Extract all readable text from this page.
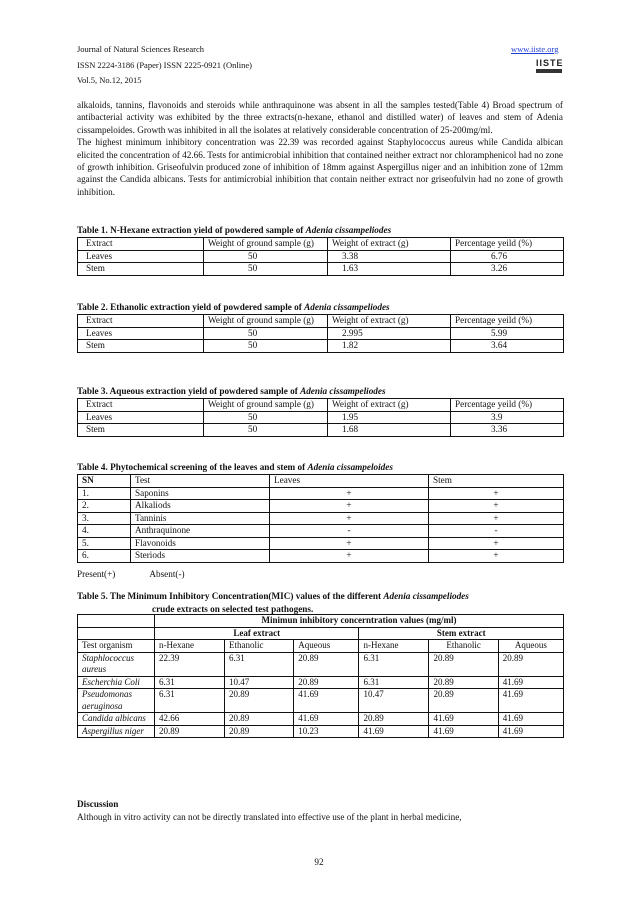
Journal of Natural Sciences Research
ISSN 2224-3186 (Paper) ISSN 2225-0921 (Online)
Vol.5, No.12, 2015
www.iiste.org
IISTE

alkaloids, tannins, flavonoids and steroids while anthraquinone was absent in all the samples tested(Table 4) Broad spectrum of antibacterial activity was exhibited by the three extracts(n-hexane, ethanol and distilled water) of leaves and stem of Adenia cissampeloides. Growth was inhibited in all the isolates at relatively considerable concentration of 25-200mg/ml.

The highest minimum inhibitory concentration was 22.39 was recorded against Staphylococcus aureus while Candida albican elicited the concentration of 42.66. Tests for antimicrobial inhibition that contained neither extract nor chloramphenicol had no zone of growth inhibition. Griseofulvin produced zone of inhibition of 18mm against Aspergillus niger and an inhibition zone of 12mm against the Candida albicans. Tests for antimicrobial inhibition that contain neither extract nor griseofulvin had no zone of growth inhibition.

Table 1. N-Hexane extraction yield of powdered sample of Adenia cissampeliodes
Extract	Weight of ground sample (g)	Weight of extract (g)	Percentage yeild (%)
Leaves	50	3.38	6.76
Stem	50	1.63	3.26
Table 2. Ethanolic extraction yield of powdered sample of Adenia cissampeliodes
Extract	Weight of ground sample (g)	Weight of extract (g)	Percentage yeild (%)
Leaves	50	2.995	5.99
Stem	50	1.82	3.64
Table 3. Aqueous extraction yield of powdered sample of Adenia cissampeliodes
Extract	Weight of ground sample (g)	Weight of extract (g)	Percentage yeild (%)
Leaves	50	1.95	3.9
Stem	50	1.68	3.36
Table 4. Phytochemical screening of the leaves and stem of Adenia cissampeloides
SN	Test	Leaves	Stem
1.	Saponins	+	+
2.	Alkaliods	+	+
3.	Tanninis	+	+
4.	Anthraquinone	-	-
5.	Flavonoids	+	+
6.	Steriods	+	+
Present(+)	Absent(-)
Table 5. The Minimum Inhibitory Concentration(MIC) values of the different Adenia cissampeliodes
crude extracts on selected test pathogens.
	Minimun inhibitory concerntration values (mg/ml)					
	Leaf extract			Stem extract		
Test organism	n-Hexane	Ethanolic	Aqueous	n-Hexane	Ethanolic	Aqueous
Staphlococcus aureus	22.39	6.31	20.89	6.31	20.89	20.89
Escherchia Coli	6.31	10.47	20.89	6.31	20.89	41.69
Pseudomonas aeruginosa	6.31	20.89	41.69	10.47	20.89	41.69
Candida albicans	42.66	20.89	41.69	20.89	41.69	41.69
Aspergillus niger	20.89	20.89	10.23	41.69	41.69	41.69
Discussion
Although in vitro activity can not be directly translated into effective use of the plant in herbal medicine,
92
